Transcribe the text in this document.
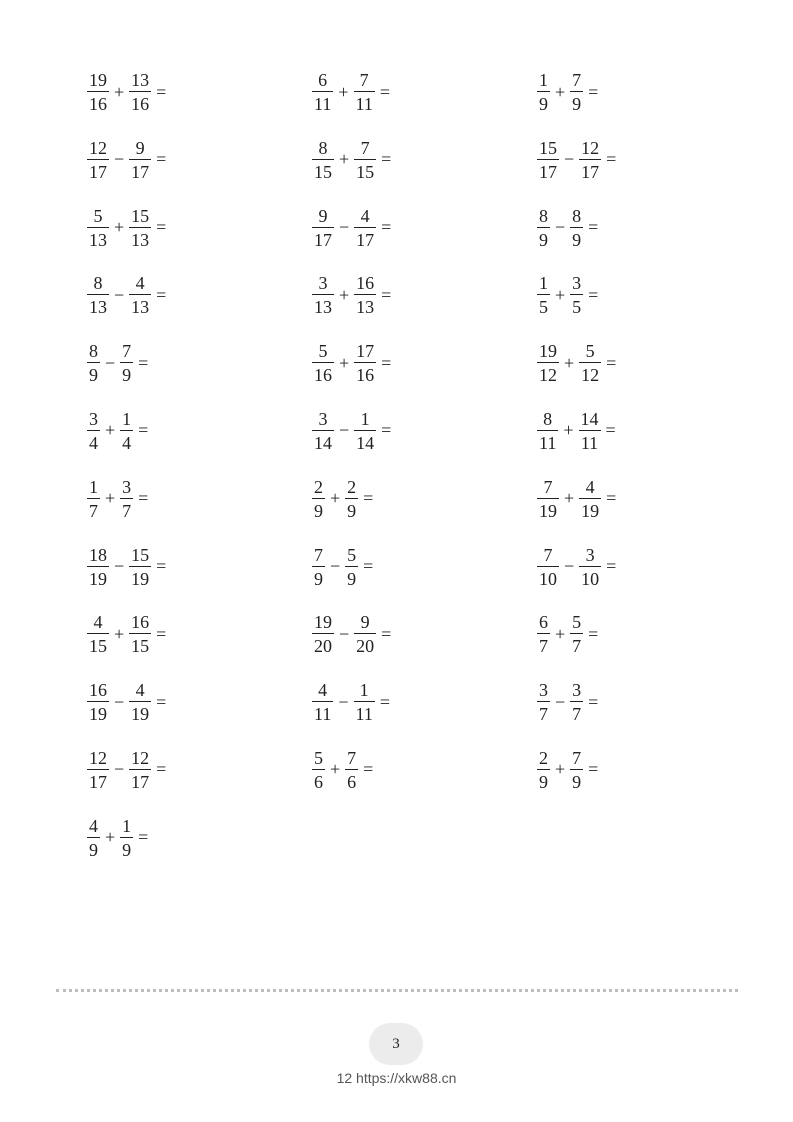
$\frac{19}{16} + \frac{13}{16}$ =	$\frac{6}{11} + \frac{7}{11}$ =	$\frac{1}{9} + \frac{7}{9}$ =
$\frac{12}{17} - \frac{9}{17}$ =	$\frac{8}{15} + \frac{7}{15}$ =	$\frac{15}{17} - \frac{12}{17}$ =
$\frac{5}{13} + \frac{15}{13}$ =	$\frac{9}{17} - \frac{4}{17}$ =	$\frac{8}{9} - \frac{8}{9}$ =
$\frac{8}{13} - \frac{4}{13}$ =	$\frac{3}{13} + \frac{16}{13}$ =	$\frac{1}{5} + \frac{3}{5}$ =
$\frac{8}{9} - \frac{7}{9}$ =	$\frac{5}{16} + \frac{17}{16}$ =	$\frac{19}{12} + \frac{5}{12}$ =
$\frac{3}{4} + \frac{1}{4}$ =	$\frac{3}{14} - \frac{1}{14}$ =	$\frac{8}{11} + \frac{14}{11}$ =
$\frac{1}{7} + \frac{3}{7}$ =	$\frac{2}{9} + \frac{2}{9}$ =	$\frac{7}{19} + \frac{4}{19}$ =
$\frac{18}{19} - \frac{15}{19}$ =	$\frac{7}{9} - \frac{5}{9}$ =	$\frac{7}{10} - \frac{3}{10}$ =
$\frac{4}{15} + \frac{16}{15}$ =	$\frac{19}{20} - \frac{9}{20}$ =	$\frac{6}{7} + \frac{5}{7}$ =
$\frac{16}{19} - \frac{4}{19}$ =	$\frac{4}{11} - \frac{1}{11}$ =	$\frac{3}{7} - \frac{3}{7}$ =
$\frac{12}{17} - \frac{12}{17}$ =	$\frac{5}{6} + \frac{7}{6}$ =	$\frac{2}{9} + \frac{7}{9}$ =
$\frac{4}{9} + \frac{1}{9}$ =
3
12 https://xkw88.cn
